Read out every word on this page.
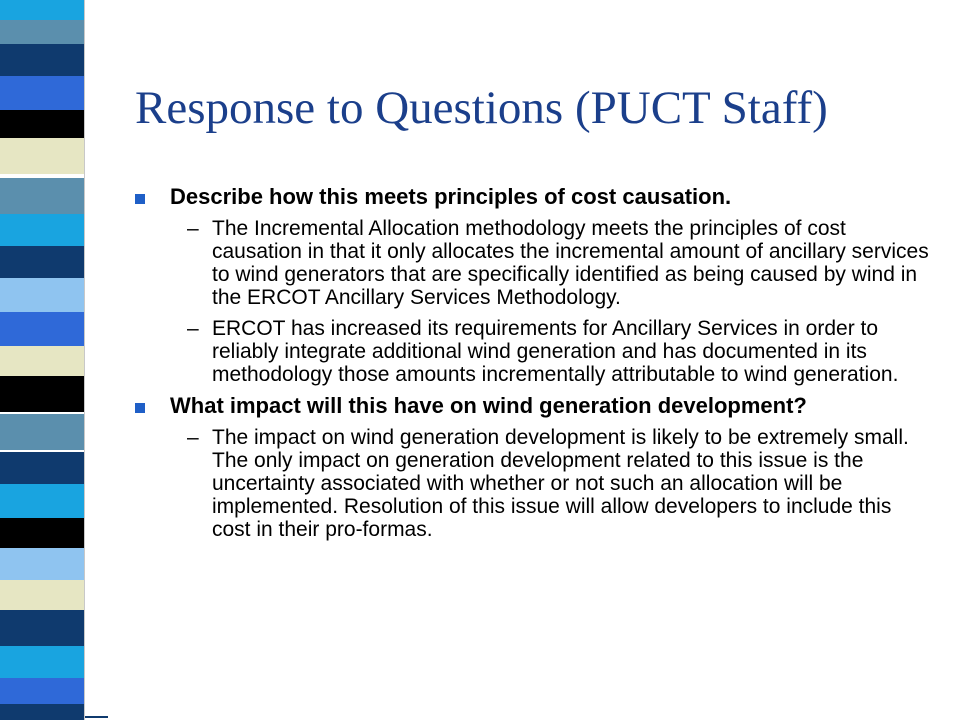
Response to Questions (PUCT Staff)
Describe how this meets principles of cost causation.
– The Incremental Allocation methodology meets the principles of cost causation in that it only allocates the incremental amount of ancillary services to wind generators that are specifically identified as being caused by wind in the ERCOT Ancillary Services Methodology.
– ERCOT has increased its requirements for Ancillary Services in order to reliably integrate additional wind generation and has documented in its methodology those amounts incrementally attributable to wind generation.
What impact will this have on wind generation development?
– The impact on wind generation development is likely to be extremely small. The only impact on generation development related to this issue is the uncertainty associated with whether or not such an allocation will be implemented. Resolution of this issue will allow developers to include this cost in their pro-formas.
